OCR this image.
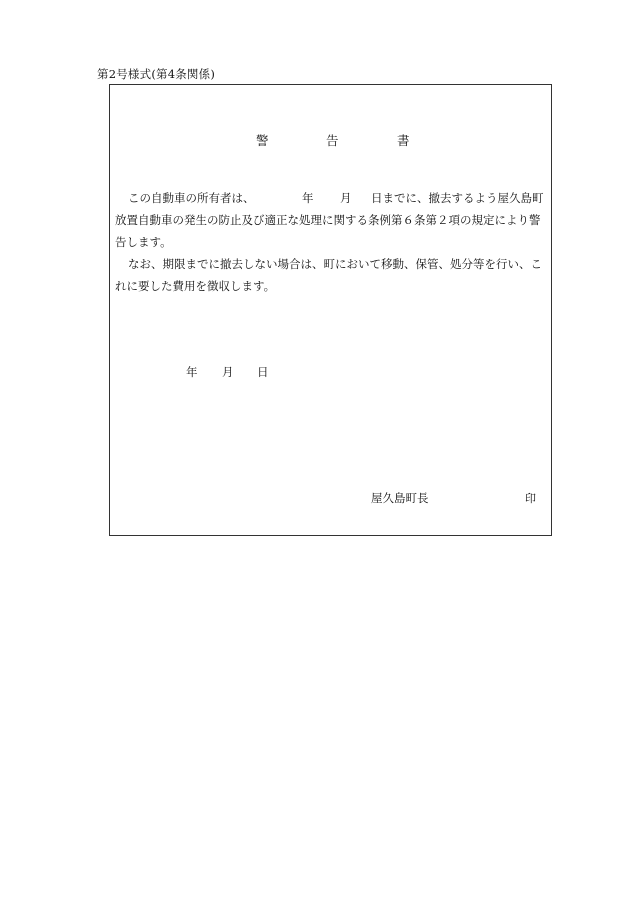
第2号様式(第4条関係)
警	告	書
この自動車の所有者は、	年 月 日までに、撤去するよう屋久島町
放置自動車の発生の防止及び適正な処理に関する条例第６条第２項の規定により警
告します。
なお、期限までに撤去しない場合は、町において移動、保管、処分等を行い、こ
れに要した費用を徴収します。
年 月 日
屋久島町長	印
